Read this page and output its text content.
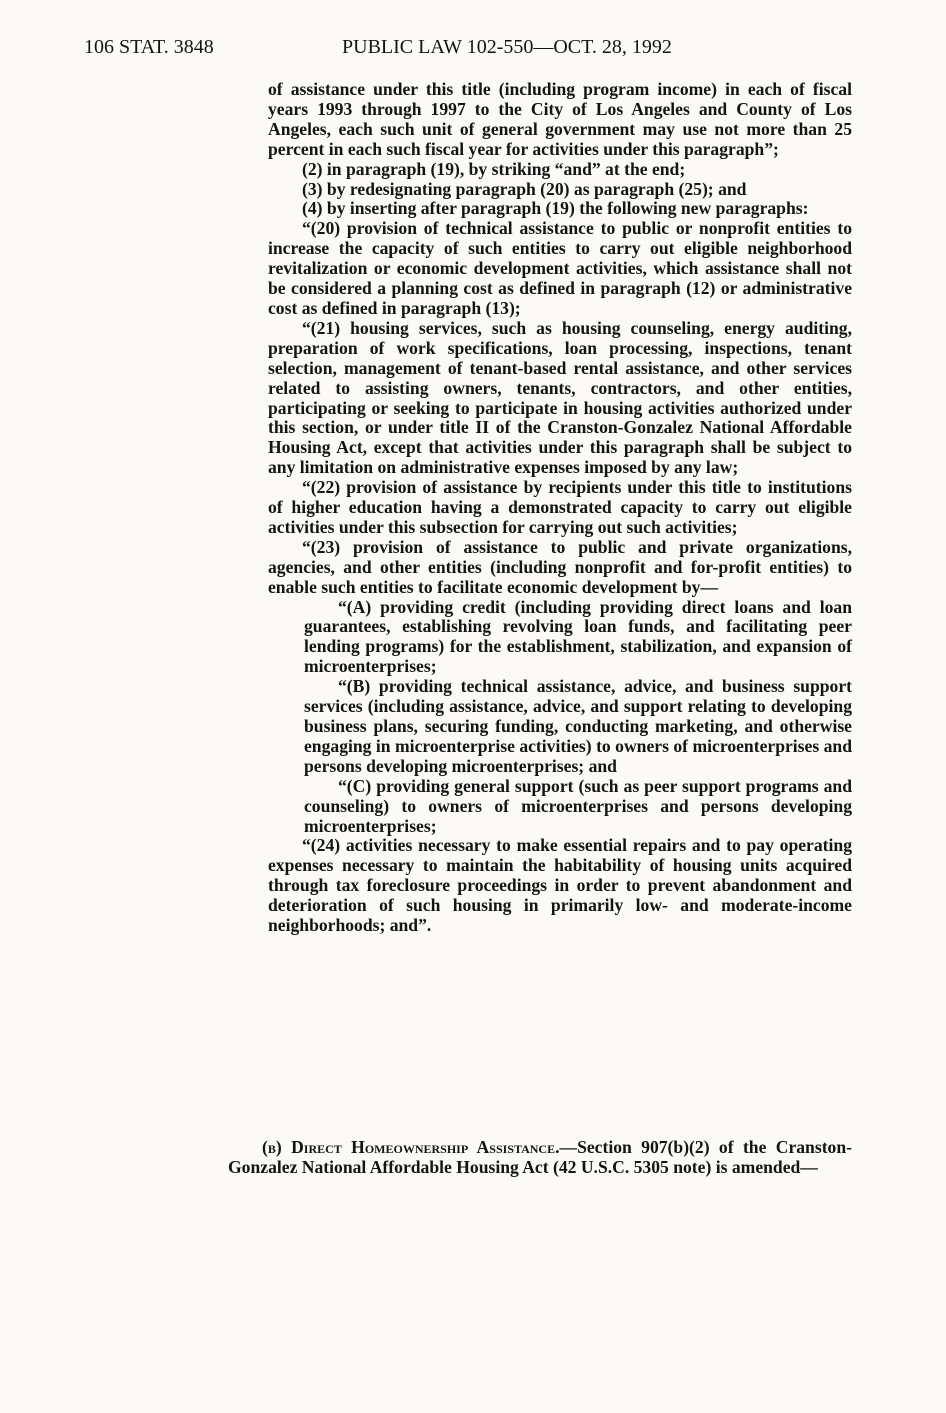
106 STAT. 3848	PUBLIC LAW 102-550—OCT. 28, 1992

of assistance under this title (including program income) in each of fiscal years 1993 through 1997 to the City of Los Angeles and County of Los Angeles, each such unit of general government may use not more than 25 percent in each such fiscal year for activities under this paragraph”;

(2) in paragraph (19), by striking “and” at the end;

(3) by redesignating paragraph (20) as paragraph (25); and

(4) by inserting after paragraph (19) the following new paragraphs:

“(20) provision of technical assistance to public or nonprofit entities to increase the capacity of such entities to carry out eligible neighborhood revitalization or economic development activities, which assistance shall not be considered a planning cost as defined in paragraph (12) or administrative cost as defined in paragraph (13);

“(21) housing services, such as housing counseling, energy auditing, preparation of work specifications, loan processing, inspections, tenant selection, management of tenant-based rental assistance, and other services related to assisting owners, tenants, contractors, and other entities, participating or seeking to participate in housing activities authorized under this section, or under title II of the Cranston-Gonzalez National Affordable Housing Act, except that activities under this paragraph shall be subject to any limitation on administrative expenses imposed by any law;

“(22) provision of assistance by recipients under this title to institutions of higher education having a demonstrated capacity to carry out eligible activities under this subsection for carrying out such activities;

“(23) provision of assistance to public and private organizations, agencies, and other entities (including nonprofit and for-profit entities) to enable such entities to facilitate economic development by—

“(A) providing credit (including providing direct loans and loan guarantees, establishing revolving loan funds, and facilitating peer lending programs) for the establishment, stabilization, and expansion of microenterprises;

“(B) providing technical assistance, advice, and business support services (including assistance, advice, and support relating to developing business plans, securing funding, conducting marketing, and otherwise engaging in microenterprise activities) to owners of microenterprises and persons developing microenterprises; and

“(C) providing general support (such as peer support programs and counseling) to owners of microenterprises and persons developing microenterprises;

“(24) activities necessary to make essential repairs and to pay operating expenses necessary to maintain the habitability of housing units acquired through tax foreclosure proceedings in order to prevent abandonment and deterioration of such housing in primarily low- and moderate-income neighborhoods; and”.

(b) Direct Homeownership Assistance.—Section 907(b)(2) of the Cranston-Gonzalez National Affordable Housing Act (42 U.S.C. 5305 note) is amended—
